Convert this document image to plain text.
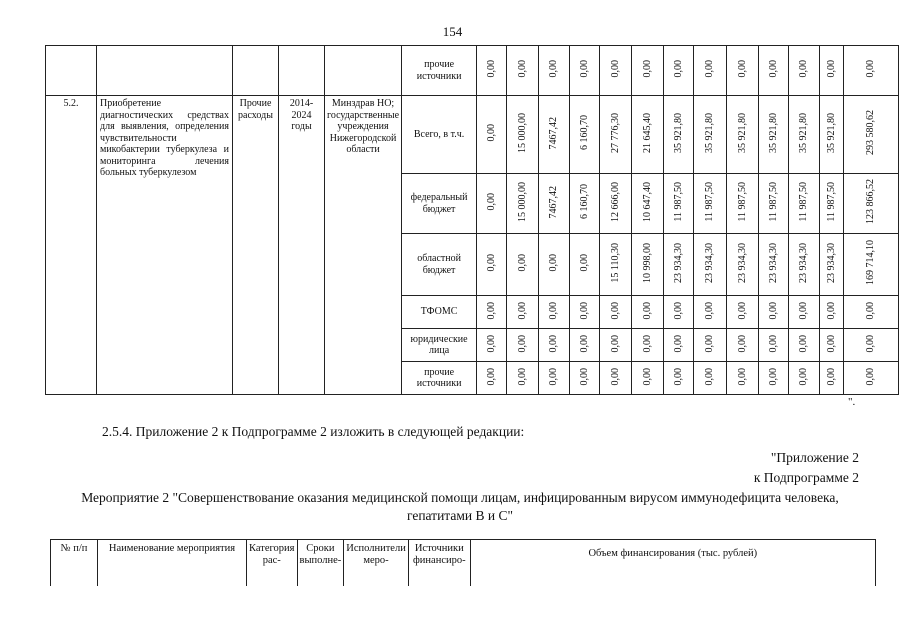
154
					прочие источники	0,00	0,00	0,00	0,00	0,00	0,00	0,00	0,00	0,00	0,00	0,00	0,00	0,00
5.2.	Приобретение диагностических средствах для выявления, определения чувствительности микобактерии туберкулеза и мониторинга лечения больных туберкулезом	Прочие расходы	2014-2024 годы	Минздрав НО; государственные учреждения Нижегородской области	Всего, в т.ч.	0,00	15 000,00	7467,42	6 160,70	27 776,30	21 645,40	35 921,80	35 921,80	35 921,80	35 921,80	35 921,80	35 921,80	293 580,62
					федеральный бюджет	0,00	15 000,00	7467,42	6 160,70	12 666,00	10 647,40	11 987,50	11 987,50	11 987,50	11 987,50	11 987,50	11 987,50	123 866,52
					областной бюджет	0,00	0,00	0,00	0,00	15 110,30	10 998,00	23 934,30	23 934,30	23 934,30	23 934,30	23 934,30	23 934,30	169 714,10
					ТФОМС	0,00	0,00	0,00	0,00	0,00	0,00	0,00	0,00	0,00	0,00	0,00	0,00	0,00
					юридические лица	0,00	0,00	0,00	0,00	0,00	0,00	0,00	0,00	0,00	0,00	0,00	0,00	0,00
					прочие источники	0,00	0,00	0,00	0,00	0,00	0,00	0,00	0,00	0,00	0,00	0,00	0,00	0,00
".
2.5.4. Приложение 2 к Подпрограмме 2 изложить в следующей редакции:
"Приложение 2
к Подпрограмме 2
Мероприятие 2 "Совершенствование оказания медицинской помощи лицам, инфицированным вирусом иммунодефицита человека, гепатитами В и С"
№ п/п	Наименование мероприятия	Категория рас-	Сроки выполне-	Исполнители меро-	Источники финансиро-	Объем финансирования (тыс. рублей)
